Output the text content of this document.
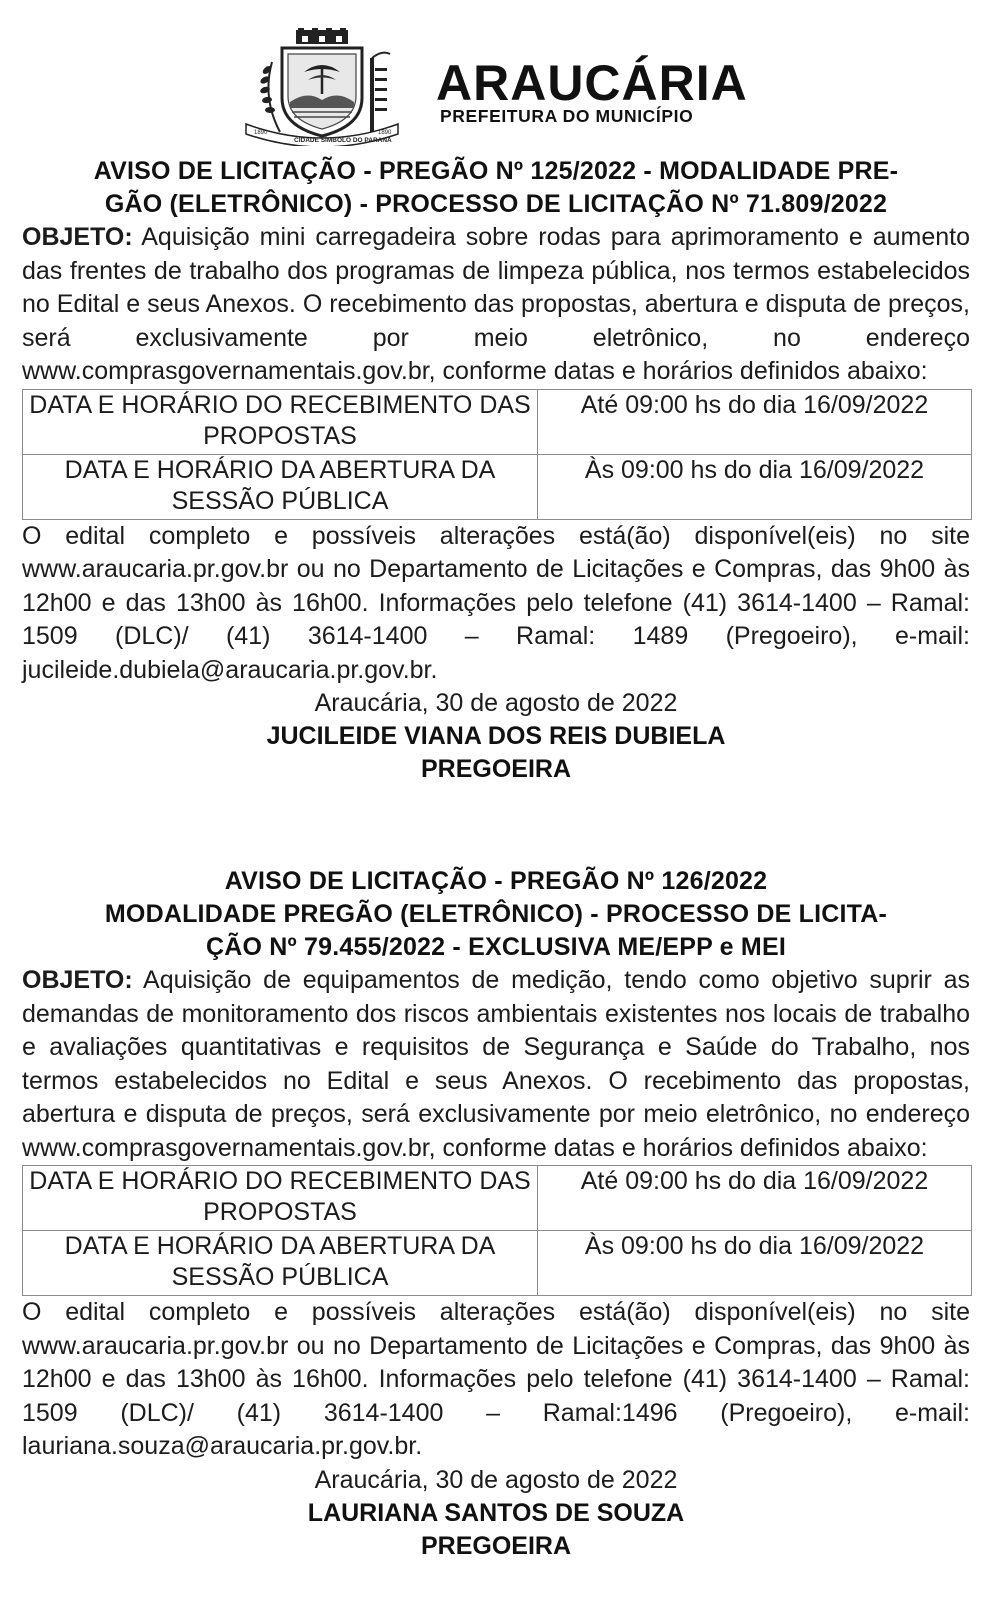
1890
CIDADE SÍMBOLO DO PARANÁ
1890
ARAUCÁRIA
PREFEITURA DO MUNICÍPIO
AVISO DE LICITAÇÃO - PREGÃO Nº 125/2022 - MODALIDADE PRE-
GÃO (ELETRÔNICO) - PROCESSO DE LICITAÇÃO Nº 71.809/2022
OBJETO: Aquisição mini carregadeira sobre rodas para aprimoramento e aumento das frentes de trabalho dos programas de limpeza pública, nos termos estabelecidos no Edital e seus Anexos. O recebimento das propostas, abertura e disputa de preços, será exclusivamente por meio eletrônico, no endereço www.comprasgovernamentais.gov.br, conforme datas e horários definidos abaixo:
DATA E HORÁRIO DO RECEBIMENTO DAS PROPOSTAS	Até 09:00 hs do dia 16/09/2022
DATA E HORÁRIO DA ABERTURA DA SESSÃO PÚBLICA	Às 09:00 hs do dia 16/09/2022
O edital completo e possíveis alterações está(ão) disponível(eis) no site www.araucaria.pr.gov.br ou no Departamento de Licitações e Compras, das 9h00 às 12h00 e das 13h00 às 16h00. Informações pelo telefone (41) 3614-1400 – Ramal: 1509 (DLC)/ (41) 3614-1400 – Ramal: 1489 (Pregoeiro), e-mail: jucileide.dubiela@araucaria.pr.gov.br.
Araucária, 30 de agosto de 2022
JUCILEIDE VIANA DOS REIS DUBIELA
PREGOEIRA
AVISO DE LICITAÇÃO - PREGÃO Nº 126/2022
MODALIDADE PREGÃO (ELETRÔNICO) - PROCESSO DE LICITA-
ÇÃO Nº 79.455/2022 - EXCLUSIVA ME/EPP e MEI
OBJETO: Aquisição de equipamentos de medição, tendo como objetivo suprir as demandas de monitoramento dos riscos ambientais existentes nos locais de trabalho e avaliações quantitativas e requisitos de Segurança e Saúde do Trabalho, nos termos estabelecidos no Edital e seus Anexos. O recebimento das propostas, abertura e disputa de preços, será exclusivamente por meio eletrônico, no endereço www.comprasgovernamentais.gov.br, conforme datas e horários definidos abaixo:
DATA E HORÁRIO DO RECEBIMENTO DAS PROPOSTAS	Até 09:00 hs do dia 16/09/2022
DATA E HORÁRIO DA ABERTURA DA SESSÃO PÚBLICA	Às 09:00 hs do dia 16/09/2022
O edital completo e possíveis alterações está(ão) disponível(eis) no site www.araucaria.pr.gov.br ou no Departamento de Licitações e Compras, das 9h00 às 12h00 e das 13h00 às 16h00. Informações pelo telefone (41) 3614-1400 – Ramal: 1509 (DLC)/ (41) 3614-1400 – Ramal:1496 (Pregoeiro), e-mail: lauriana.souza@araucaria.pr.gov.br.
Araucária, 30 de agosto de 2022
LAURIANA SANTOS DE SOUZA
PREGOEIRA
